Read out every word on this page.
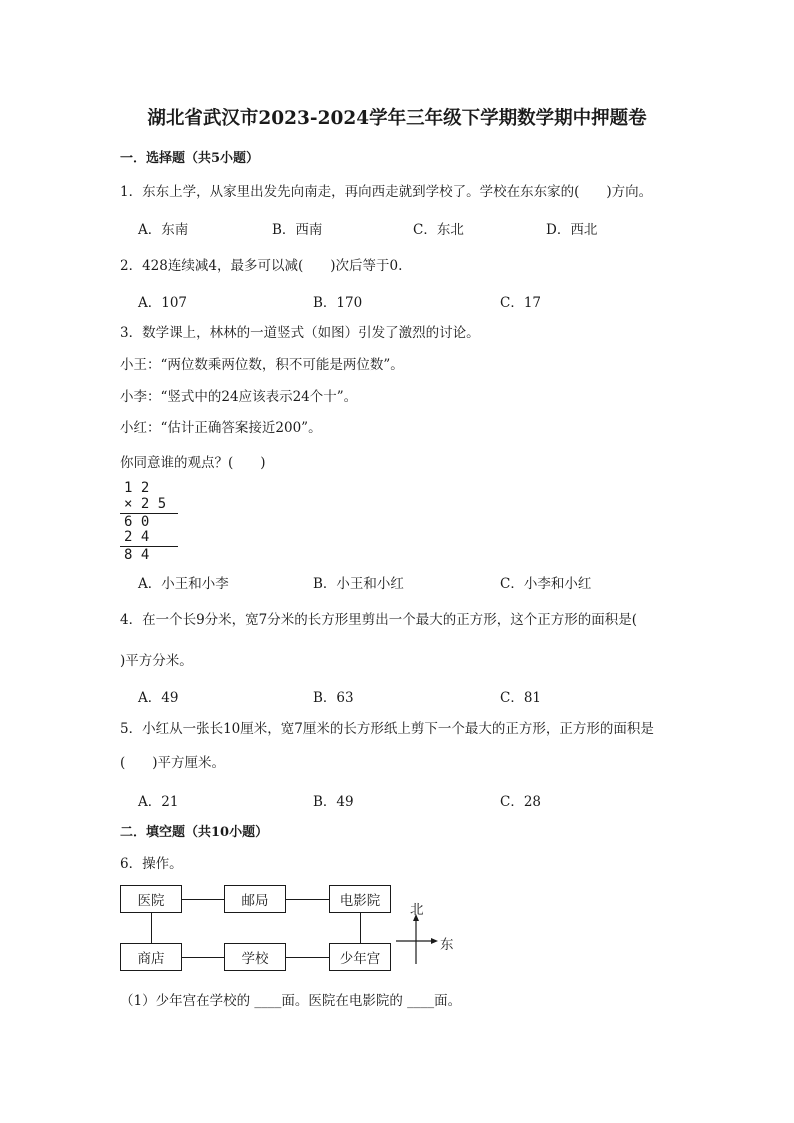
湖北省武汉市2023-2024学年三年级下学期数学期中押题卷
一．选择题（共5小题）
1．东东上学，从家里出发先向南走，再向西走就到学校了。学校在东东家的(　　)方向。
A．东南	B．西南	C．东北	D．西北
2．428连续减4，最多可以减(　　)次后等于0.
A．107	B．170	C．17
3．数学课上，林林的一道竖式（如图）引发了激烈的讨论。
小王：“两位数乘两位数，积不可能是两位数”。
小李：“竖式中的24应该表示24个十”。
小红：“估计正确答案接近200”。
你同意谁的观点？(　　)
1 2
× 2 5
6 0
2 4
8 4
A．小王和小李	B．小王和小红	C．小李和小红
4．在一个长9分米，宽7分米的长方形里剪出一个最大的正方形，这个正方形的面积是(
)平方分米。
A．49	B．63	C．81
5．小红从一张长10厘米，宽7厘米的长方形纸上剪下一个最大的正方形，正方形的面积是
(　　)平方厘米。
A．21	B．49	C．28
二．填空题（共10小题）
6．操作。
医院	邮局	电影院
商店	学校	少年宫
北
东
（1）少年宫在学校的 ____面。医院在电影院的 ____面。
